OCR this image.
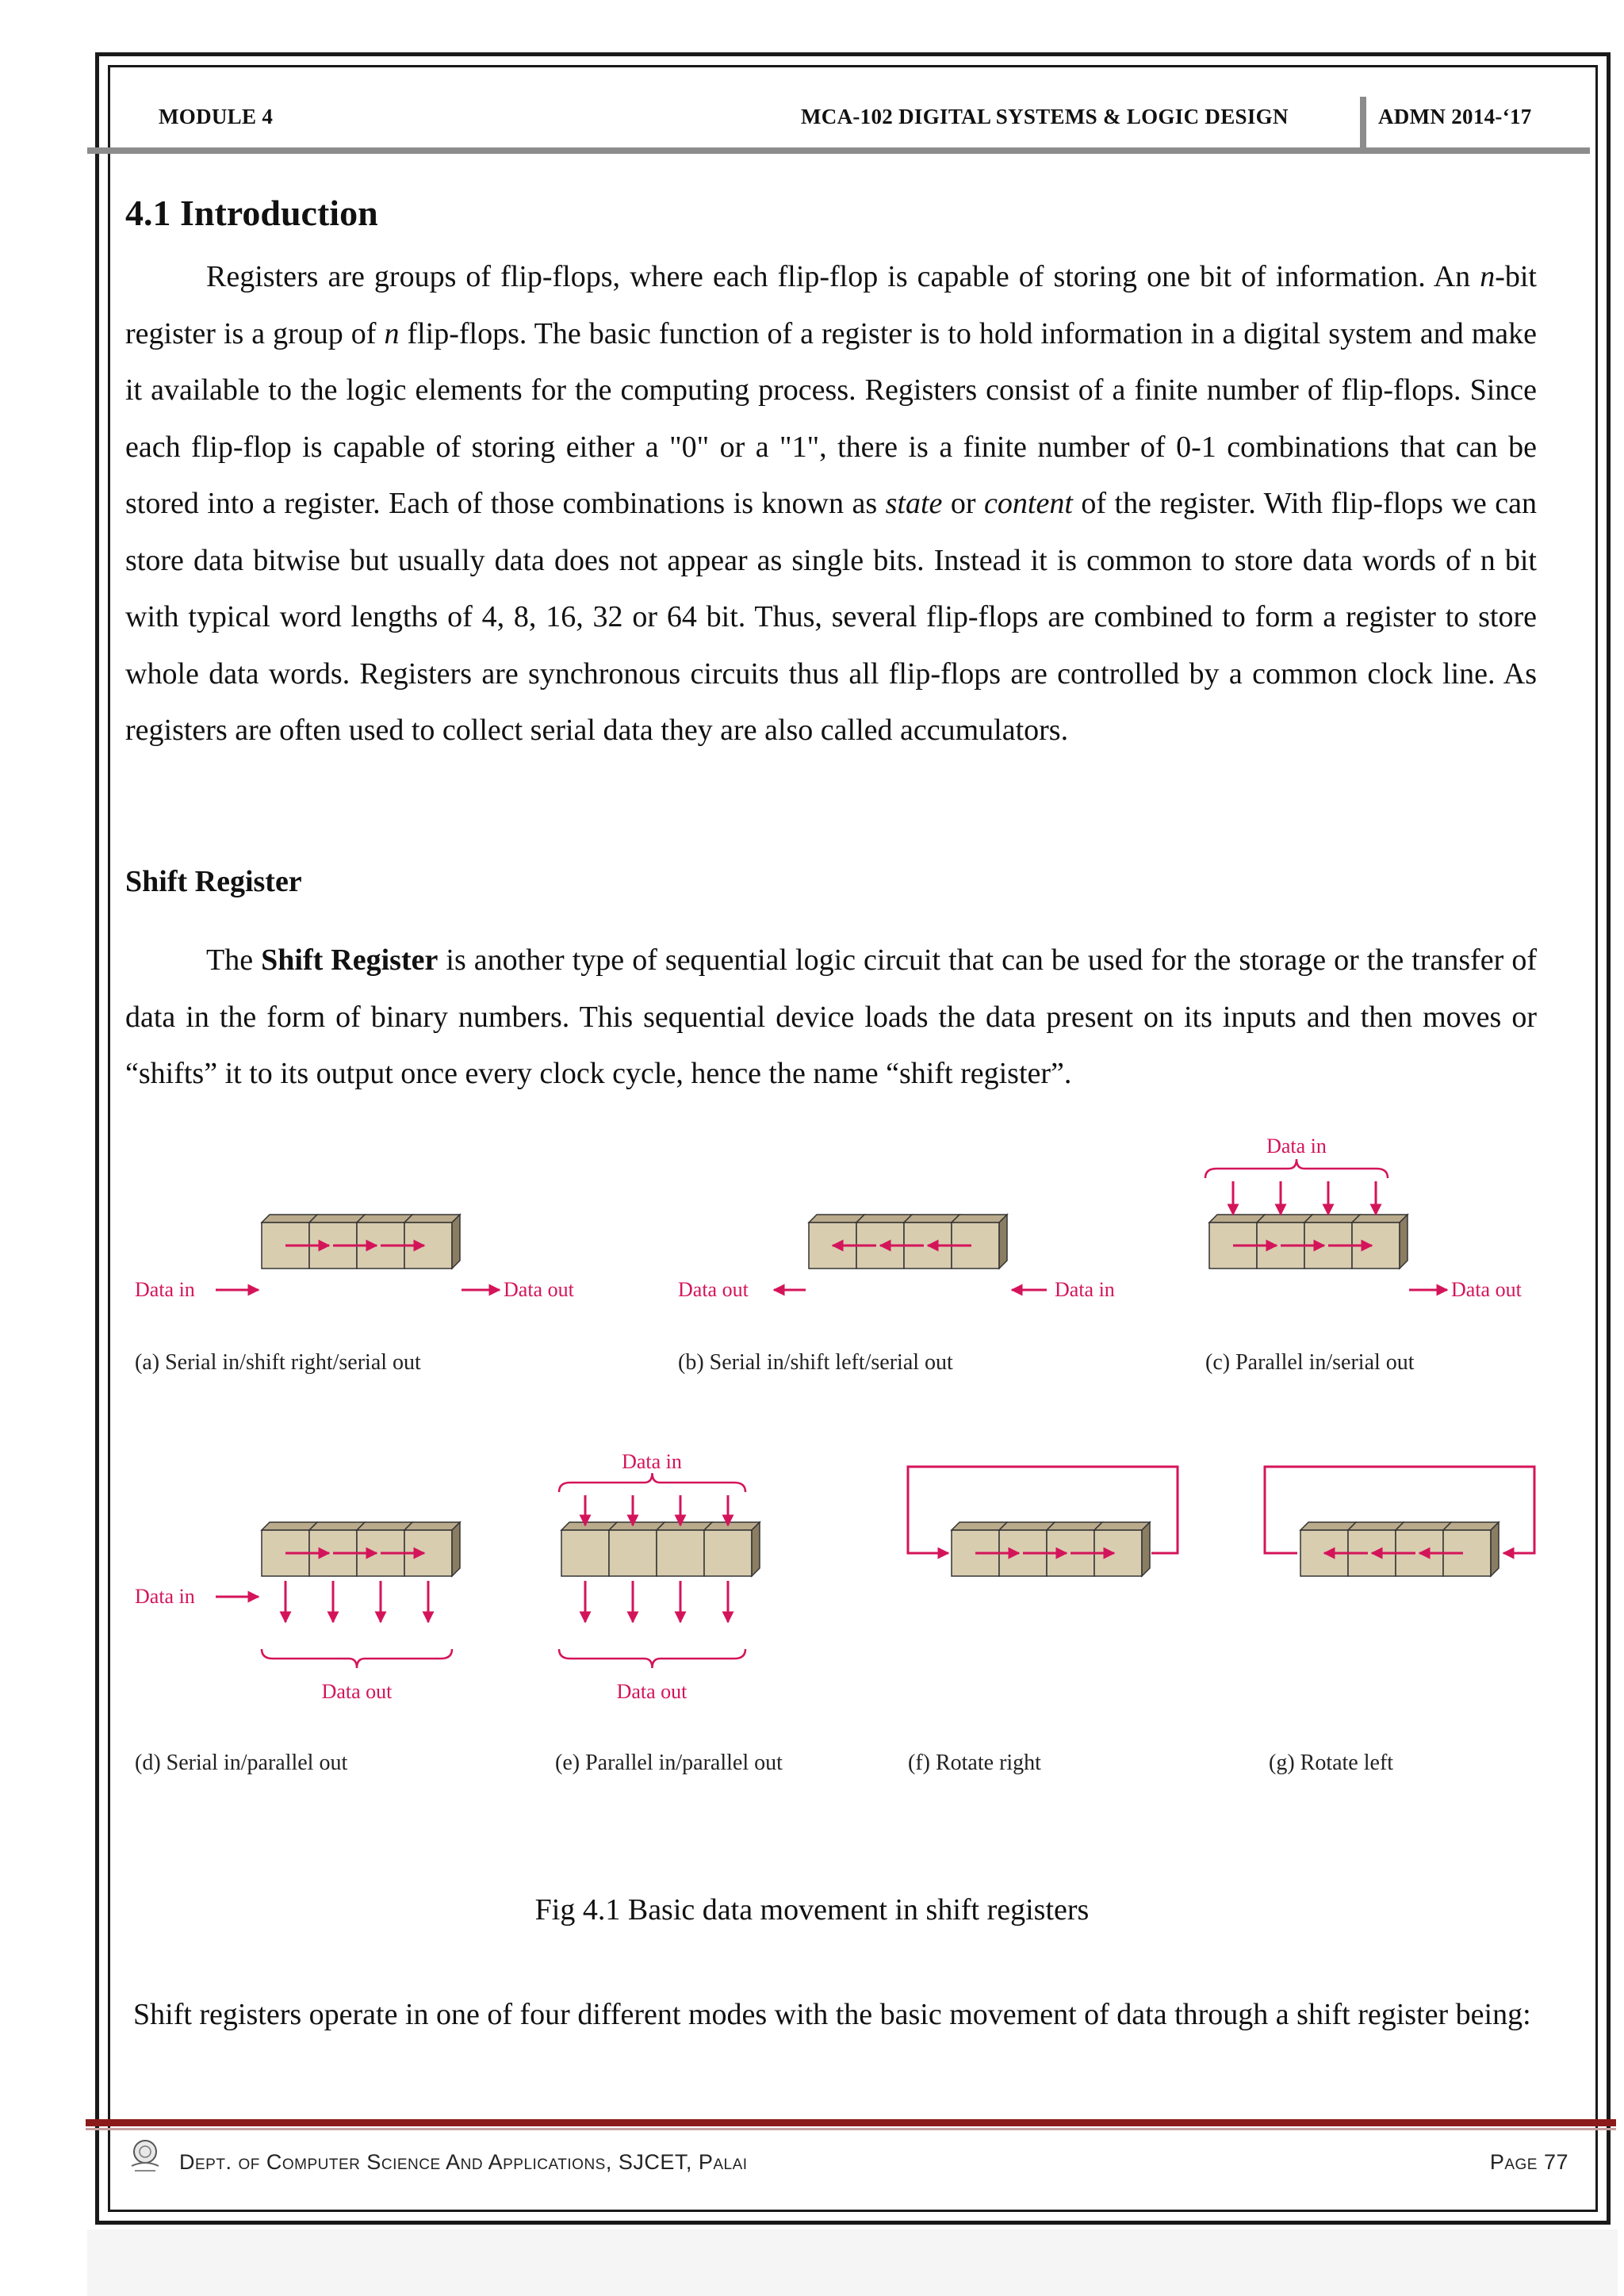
MODULE 4	MCA-102 DIGITAL SYSTEMS & LOGIC DESIGN	ADMN 2014-‘17
4.1 Introduction

Registers are groups of flip-flops, where each flip-flop is capable of storing one bit of information. An n-bit register is a group of n flip-flops. The basic function of a register is to hold information in a digital system and make it available to the logic elements for the computing process. Registers consist of a finite number of flip-flops. Since each flip-flop is capable of storing either a "0" or a "1", there is a finite number of 0-1 combinations that can be stored into a register. Each of those combinations is known as state or content of the register. With flip-flops we can store data bitwise but usually data does not appear as single bits. Instead it is common to store data words of n bit with typical word lengths of 4, 8, 16, 32 or 64 bit. Thus, several flip-flops are combined to form a register to store whole data words. Registers are synchronous circuits thus all flip-flops are controlled by a common clock line. As registers are often used to collect serial data they are also called accumulators.

Shift Register

The Shift Register is another type of sequential logic circuit that can be used for the storage or the transfer of data in the form of binary numbers. This sequential device loads the data present on its inputs and then moves or “shifts” it to its output once every clock cycle, hence the name “shift register”.

Data in	Data out
(a) Serial in/shift right/serial out
Data out	Data in
(b) Serial in/shift left/serial out
Data in
Data out
(c) Parallel in/serial out
Data in
Data out
(d) Serial in/parallel out
Data in
Data out
(e) Parallel in/parallel out	(f) Rotate right	(g) Rotate left
Fig 4.1 Basic data movement in shift registers

Shift registers operate in one of four different modes with the basic movement of data through a shift register being:

Dept. of Computer Science And Applications, SJCET, Palai	Page 77
